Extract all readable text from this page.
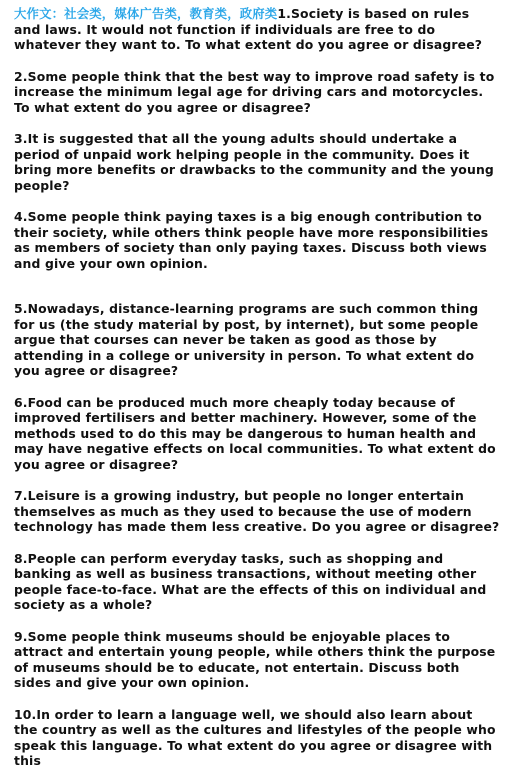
大作文：社会类，媒体广告类，教育类，政府类1.Society is based on rules and laws. It would not function if individuals are free to do whatever they want to. To what extent do you agree or disagree?

2.Some people think that the best way to improve road safety is to increase the minimum legal age for driving cars and motorcycles. To what extent do you agree or disagree?

3.It is suggested that all the young adults should undertake a period of unpaid work helping people in the community. Does it bring more benefits or drawbacks to the community and the young people?

4.Some people think paying taxes is a big enough contribution to their society, while others think people have more responsibilities as members of society than only paying taxes. Discuss both views and give your own opinion.

5.Nowadays, distance-learning programs are such common thing for us (the study material by post, by internet), but some people argue that courses can never be taken as good as those by attending in a college or university in person. To what extent do you agree or disagree?

6.Food can be produced much more cheaply today because of improved fertilisers and better machinery. However, some of the methods used to do this may be dangerous to human health and may have negative effects on local communities. To what extent do you agree or disagree?

7.Leisure is a growing industry, but people no longer entertain themselves as much as they used to because the use of modern technology has made them less creative. Do you agree or disagree?

8.People can perform everyday tasks, such as shopping and banking as well as business transactions, without meeting other people face-to-face. What are the effects of this on individual and society as a whole?

9.Some people think museums should be enjoyable places to attract and entertain young people, while others think the purpose of museums should be to educate, not entertain. Discuss both sides and give your own opinion.

10.In order to learn a language well, we should also learn about the country as well as the cultures and lifestyles of the people who speak this language. To what extent do you agree or disagree with this
